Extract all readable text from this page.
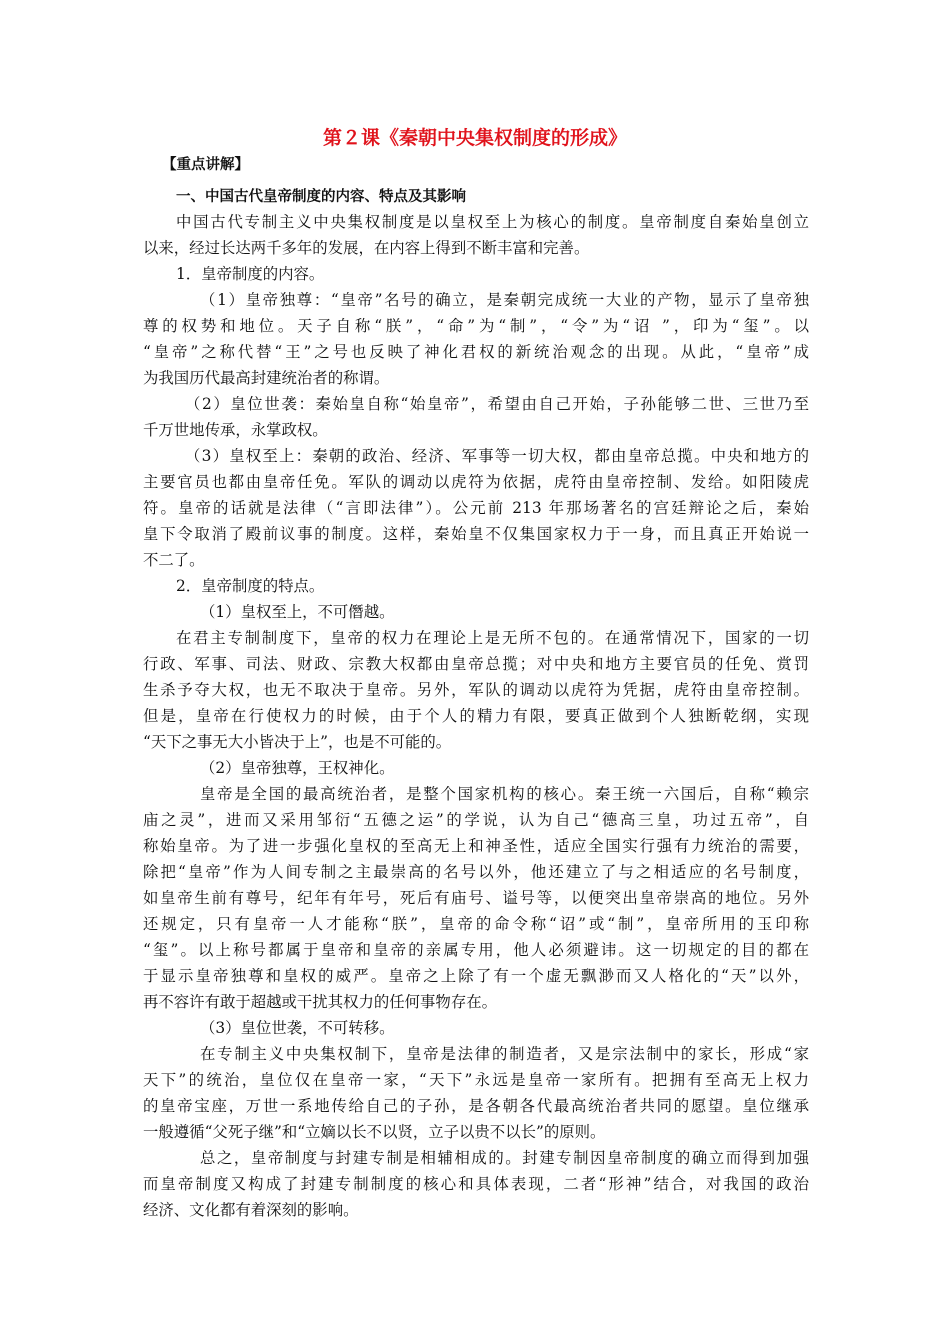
第２课《秦朝中央集权制度的形成》
【重点讲解】
一、中国古代皇帝制度的内容、特点及其影响
中国古代专制主义中央集权制度是以皇权至上为核心的制度。皇帝制度自秦始皇创立
以来，经过长达两千多年的发展，在内容上得到不断丰富和完善。
1．皇帝制度的内容。
（1）皇帝独尊：“皇帝”名号的确立，是秦朝完成统一大业的产物，显示了皇帝独
尊的权势和地位。天子自称“朕”，“命”为“制”，“令”为“诏 ”，印为“玺”。以
“皇帝”之称代替“王”之号也反映了神化君权的新统治观念的出现。从此，“皇帝”成
为我国历代最高封建统治者的称谓。
（2）皇位世袭：秦始皇自称“始皇帝”，希望由自己开始，子孙能够二世、三世乃至
千万世地传承，永掌政权。
（3）皇权至上：秦朝的政治、经济、军事等一切大权，都由皇帝总揽。中央和地方的
主要官员也都由皇帝任免。军队的调动以虎符为依据，虎符由皇帝控制、发给。如阳陵虎
符。皇帝的话就是法律（“言即法律”）。公元前 213 年那场著名的宫廷辩论之后，秦始
皇下令取消了殿前议事的制度。这样，秦始皇不仅集国家权力于一身，而且真正开始说一
不二了。
2．皇帝制度的特点。
（1）皇权至上，不可僭越。
在君主专制制度下，皇帝的权力在理论上是无所不包的。在通常情况下，国家的一切
行政、军事、司法、财政、宗教大权都由皇帝总揽；对中央和地方主要官员的任免、赏罚
生杀予夺大权，也无不取决于皇帝。另外，军队的调动以虎符为凭据，虎符由皇帝控制。
但是，皇帝在行使权力的时候，由于个人的精力有限，要真正做到个人独断乾纲，实现
“天下之事无大小皆决于上”，也是不可能的。
（2）皇帝独尊，王权神化。
皇帝是全国的最高统治者，是整个国家机构的核心。秦王统一六国后，自称“赖宗
庙之灵”，进而又采用邹衍“五德之运”的学说，认为自己“德高三皇，功过五帝”，自
称始皇帝。为了进一步强化皇权的至高无上和神圣性，适应全国实行强有力统治的需要，
除把“皇帝”作为人间专制之主最崇高的名号以外，他还建立了与之相适应的名号制度，
如皇帝生前有尊号，纪年有年号，死后有庙号、谥号等，以便突出皇帝崇高的地位。另外
还规定，只有皇帝一人才能称“朕”，皇帝的命令称“诏”或“制”，皇帝所用的玉印称
“玺”。以上称号都属于皇帝和皇帝的亲属专用，他人必须避讳。这一切规定的目的都在
于显示皇帝独尊和皇权的威严。皇帝之上除了有一个虚无飘渺而又人格化的“天”以外，
再不容许有敢于超越或干扰其权力的任何事物存在。
（3）皇位世袭，不可转移。
在专制主义中央集权制下，皇帝是法律的制造者，又是宗法制中的家长，形成“家
天下”的统治，皇位仅在皇帝一家，“天下”永远是皇帝一家所有。把拥有至高无上权力
的皇帝宝座，万世一系地传给自己的子孙，是各朝各代最高统治者共同的愿望。皇位继承
一般遵循“父死子继”和“立嫡以长不以贤，立子以贵不以长”的原则。
总之，皇帝制度与封建专制是相辅相成的。封建专制因皇帝制度的确立而得到加强
而皇帝制度又构成了封建专制制度的核心和具体表现，二者“形神”结合，对我国的政治
经济、文化都有着深刻的影响。
